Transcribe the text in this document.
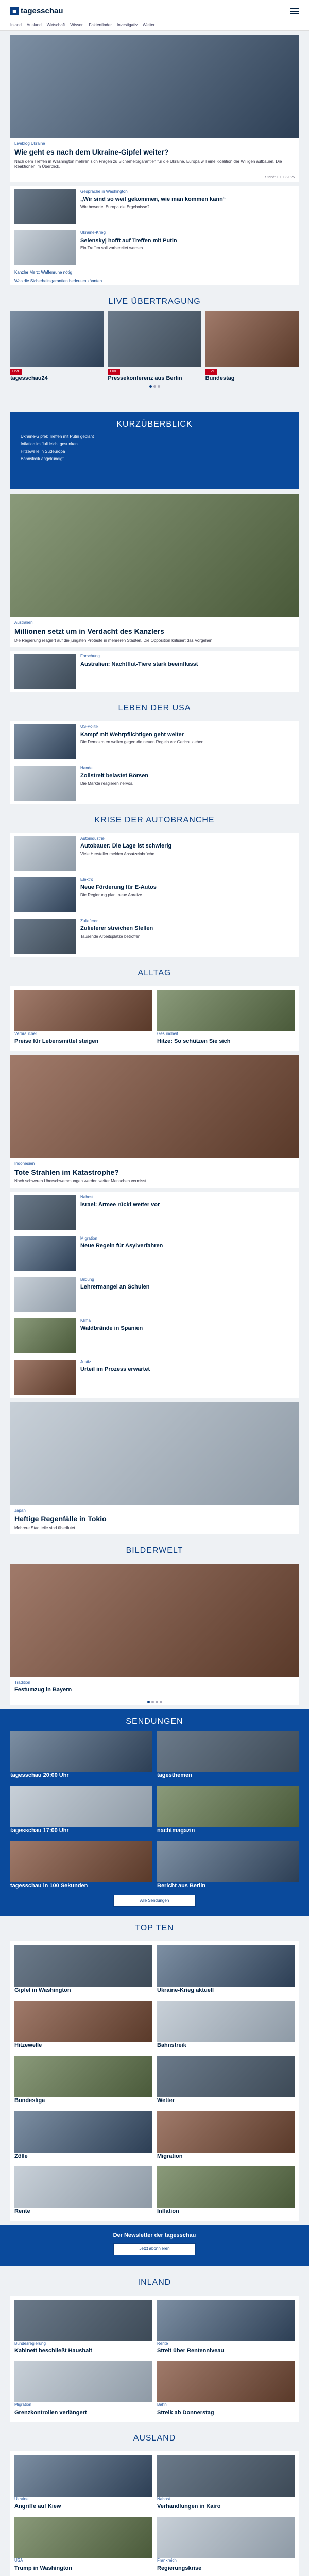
◼ tagesschau
Inland Ausland Wirtschaft Wissen Faktenfinder Investigativ Wetter
Liveblog Ukraine
Wie geht es nach dem Ukraine-Gipfel weiter?
Nach dem Treffen in Washington mehren sich Fragen zu Sicherheitsgarantien für die Ukraine. Europa will eine Koalition der Willigen aufbauen. Die Reaktionen im Überblick.
Stand: 19.08.2025
Gespräche in Washington
„Wir sind so weit gekommen, wie man kommen kann“
Wie bewertet Europa die Ergebnisse?
Ukraine-Krieg
Selenskyj hofft auf Treffen mit Putin
Ein Treffen soll vorbereitet werden.
Kanzler Merz: Waffenruhe nötig
Was die Sicherheitsgarantien bedeuten könnten
LIVE ÜBERTRAGUNG
LIVE
tagesschau24
LIVE
Pressekonferenz aus Berlin
LIVE
Bundestag
KURZÜBERBLICK
Ukraine-Gipfel: Treffen mit Putin geplant
Inflation im Juli leicht gesunken
Hitzewelle in Südeuropa
Bahnstreik angekündigt
Australien
Millionen setzt um in Verdacht des Kanzlers
Die Regierung reagiert auf die jüngsten Proteste in mehreren Städten. Die Opposition kritisiert das Vorgehen.
Forschung
Australien: Nachtflut-Tiere stark beeinflusst
LEBEN DER USA
US-Politik
Kampf mit Wehrpflichtigen geht weiter
Die Demokraten wollen gegen die neuen Regeln vor Gericht ziehen.
Handel
Zollstreit belastet Börsen
Die Märkte reagieren nervös.
KRISE DER AUTOBRANCHE
Autoindustrie
Autobauer: Die Lage ist schwierig
Viele Hersteller melden Absatzeinbrüche.
Elektro
Neue Förderung für E-Autos
Die Regierung plant neue Anreize.
Zulieferer
Zulieferer streichen Stellen
Tausende Arbeitsplätze betroffen.
ALLTAG
Verbraucher
Preise für Lebensmittel steigen
Gesundheit
Hitze: So schützen Sie sich
Indonesien
Tote Strahlen im Katastrophe?
Nach schweren Überschwemmungen werden weiter Menschen vermisst.
Nahost
Israel: Armee rückt weiter vor
Migration
Neue Regeln für Asylverfahren
Bildung
Lehrermangel an Schulen
Klima
Waldbrände in Spanien
Justiz
Urteil im Prozess erwartet
Japan
Heftige Regenfälle in Tokio
Mehrere Stadtteile sind überflutet.
BILDERWELT
Tradition
Festumzug in Bayern
SENDUNGEN
tagesschau 20:00 Uhr	tagesthemen
tagesschau 17:00 Uhr	nachtmagazin
tagesschau in 100 Sekunden	Bericht aus Berlin
Alle Sendungen
TOP TEN
Gipfel in Washington	Ukraine-Krieg aktuell
Hitzewelle	Bahnstreik
Bundesliga	Wetter
Zölle	Migration
Rente	Inflation
Der Newsletter der tagesschau
Jetzt abonnieren
INLAND
Bundesregierung
Kabinett beschließt Haushalt
Rente
Streit über Rentenniveau
Migration
Grenzkontrollen verlängert
Bahn
Streik ab Donnerstag
AUSLAND
Ukraine
Angriffe auf Kiew
Nahost
Verhandlungen in Kairo
USA
Trump in Washington
Frankreich
Regierungskrise
